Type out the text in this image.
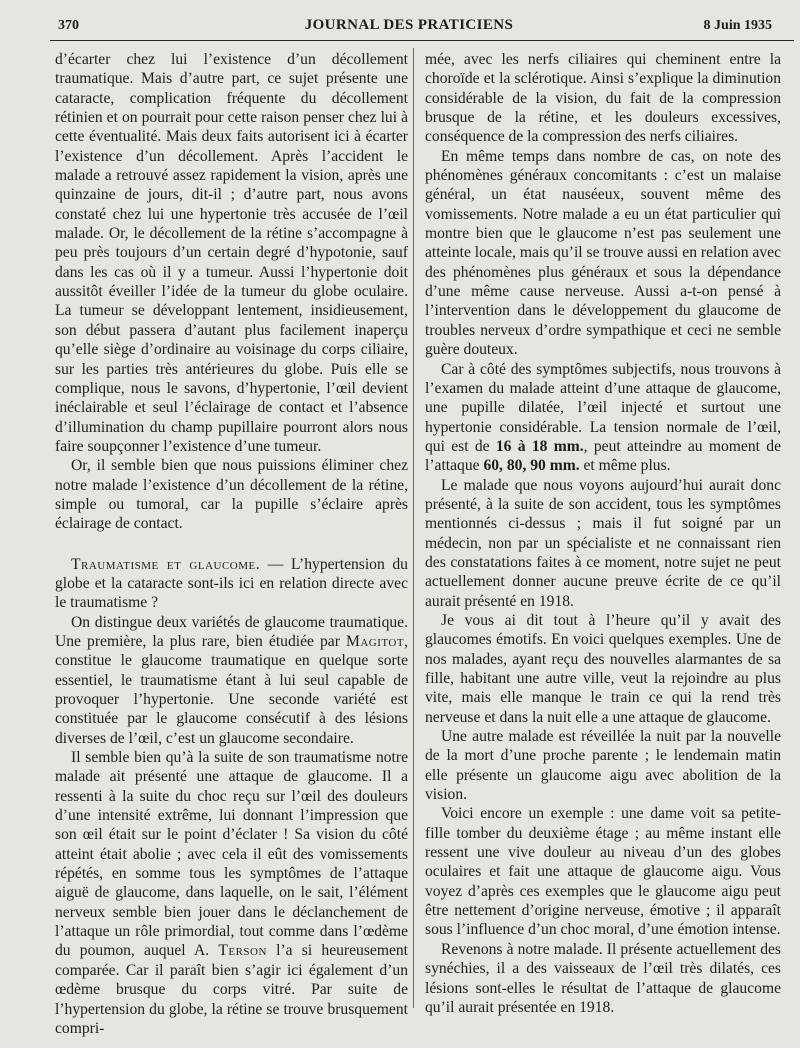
370	JOURNAL DES PRATICIENS	8 Juin 1935

d’écarter chez lui l’existence d’un décollement traumatique. Mais d’autre part, ce sujet présente une cataracte, complication fréquente du décollement rétinien et on pourrait pour cette raison penser chez lui à cette éventualité. Mais deux faits autorisent ici à écarter l’existence d’un décollement. Après l’accident le malade a retrouvé assez rapidement la vision, après une quinzaine de jours, dit-il ; d’autre part, nous avons constaté chez lui une hypertonie très accusée de l’œil malade. Or, le décollement de la rétine s’accompagne à peu près toujours d’un certain degré d’hypotonie, sauf dans les cas où il y a tumeur. Aussi l’hypertonie doit aussitôt éveiller l’idée de la tumeur du globe oculaire. La tumeur se développant lentement, insidieusement, son début passera d’autant plus facilement inaperçu qu’elle siège d’ordinaire au voisinage du corps ciliaire, sur les parties très antérieures du globe. Puis elle se complique, nous le savons, d’hypertonie, l’œil devient inéclairable et seul l’éclairage de contact et l’absence d’illumination du champ pupillaire pourront alors nous faire soupçonner l’existence d’une tumeur.

Or, il semble bien que nous puissions éliminer chez notre malade l’existence d’un décollement de la rétine, simple ou tumoral, car la pupille s’éclaire après éclairage de contact.

Traumatisme et glaucome. — L’hypertension du globe et la cataracte sont-ils ici en relation directe avec le traumatisme ?

On distingue deux variétés de glaucome traumatique. Une première, la plus rare, bien étudiée par Magitot, constitue le glaucome traumatique en quelque sorte essentiel, le traumatisme étant à lui seul capable de provoquer l’hypertonie. Une seconde variété est constituée par le glaucome consécutif à des lésions diverses de l’œil, c’est un glaucome secondaire.

Il semble bien qu’à la suite de son traumatisme notre malade ait présenté une attaque de glaucome. Il a ressenti à la suite du choc reçu sur l’œil des douleurs d’une intensité extrême, lui donnant l’impression que son œil était sur le point d’éclater ! Sa vision du côté atteint était abolie ; avec cela il eût des vomissements répétés, en somme tous les symptômes de l’attaque aiguë de glaucome, dans laquelle, on le sait, l’élément nerveux semble bien jouer dans le déclanchement de l’attaque un rôle primordial, tout comme dans l’œdème du poumon, auquel A. Terson l’a si heureusement comparée. Car il paraît bien s’agir ici également d’un œdème brusque du corps vitré. Par suite de l’hypertension du globe, la rétine se trouve brusquement compri-

mée, avec les nerfs ciliaires qui cheminent entre la choroïde et la sclérotique. Ainsi s’explique la diminution considérable de la vision, du fait de la compression brusque de la rétine, et les douleurs excessives, conséquence de la compression des nerfs ciliaires.

En même temps dans nombre de cas, on note des phénomènes généraux concomitants : c’est un malaise général, un état nauséeux, souvent même des vomissements. Notre malade a eu un état particulier qui montre bien que le glaucome n’est pas seulement une atteinte locale, mais qu’il se trouve aussi en relation avec des phénomènes plus généraux et sous la dépendance d’une même cause nerveuse. Aussi a-t-on pensé à l’intervention dans le développement du glaucome de troubles nerveux d’ordre sympathique et ceci ne semble guère douteux.

Car à côté des symptômes subjectifs, nous trouvons à l’examen du malade atteint d’une attaque de glaucome, une pupille dilatée, l’œil injecté et surtout une hypertonie considérable. La tension normale de l’œil, qui est de 16 à 18 mm., peut atteindre au moment de l’attaque 60, 80, 90 mm. et même plus.

Le malade que nous voyons aujourd’hui aurait donc présenté, à la suite de son accident, tous les symptômes mentionnés ci-dessus ; mais il fut soigné par un médecin, non par un spécialiste et ne connaissant rien des constatations faites à ce moment, notre sujet ne peut actuellement donner aucune preuve écrite de ce qu’il aurait présenté en 1918.

Je vous ai dit tout à l’heure qu’il y avait des glaucomes émotifs. En voici quelques exemples. Une de nos malades, ayant reçu des nouvelles alarmantes de sa fille, habitant une autre ville, veut la rejoindre au plus vite, mais elle manque le train ce qui la rend très nerveuse et dans la nuit elle a une attaque de glaucome.

Une autre malade est réveillée la nuit par la nouvelle de la mort d’une proche parente ; le lendemain matin elle présente un glaucome aigu avec abolition de la vision.

Voici encore un exemple : une dame voit sa petite-fille tomber du deuxième étage ; au même instant elle ressent une vive douleur au niveau d’un des globes oculaires et fait une attaque de glaucome aigu. Vous voyez d’après ces exemples que le glaucome aigu peut être nettement d’origine nerveuse, émotive ; il apparaît sous l’influence d’un choc moral, d’une émotion intense.

Revenons à notre malade. Il présente actuellement des synéchies, il a des vaisseaux de l’œil très dilatés, ces lésions sont-elles le résultat de l’attaque de glaucome qu’il aurait présentée en 1918.
